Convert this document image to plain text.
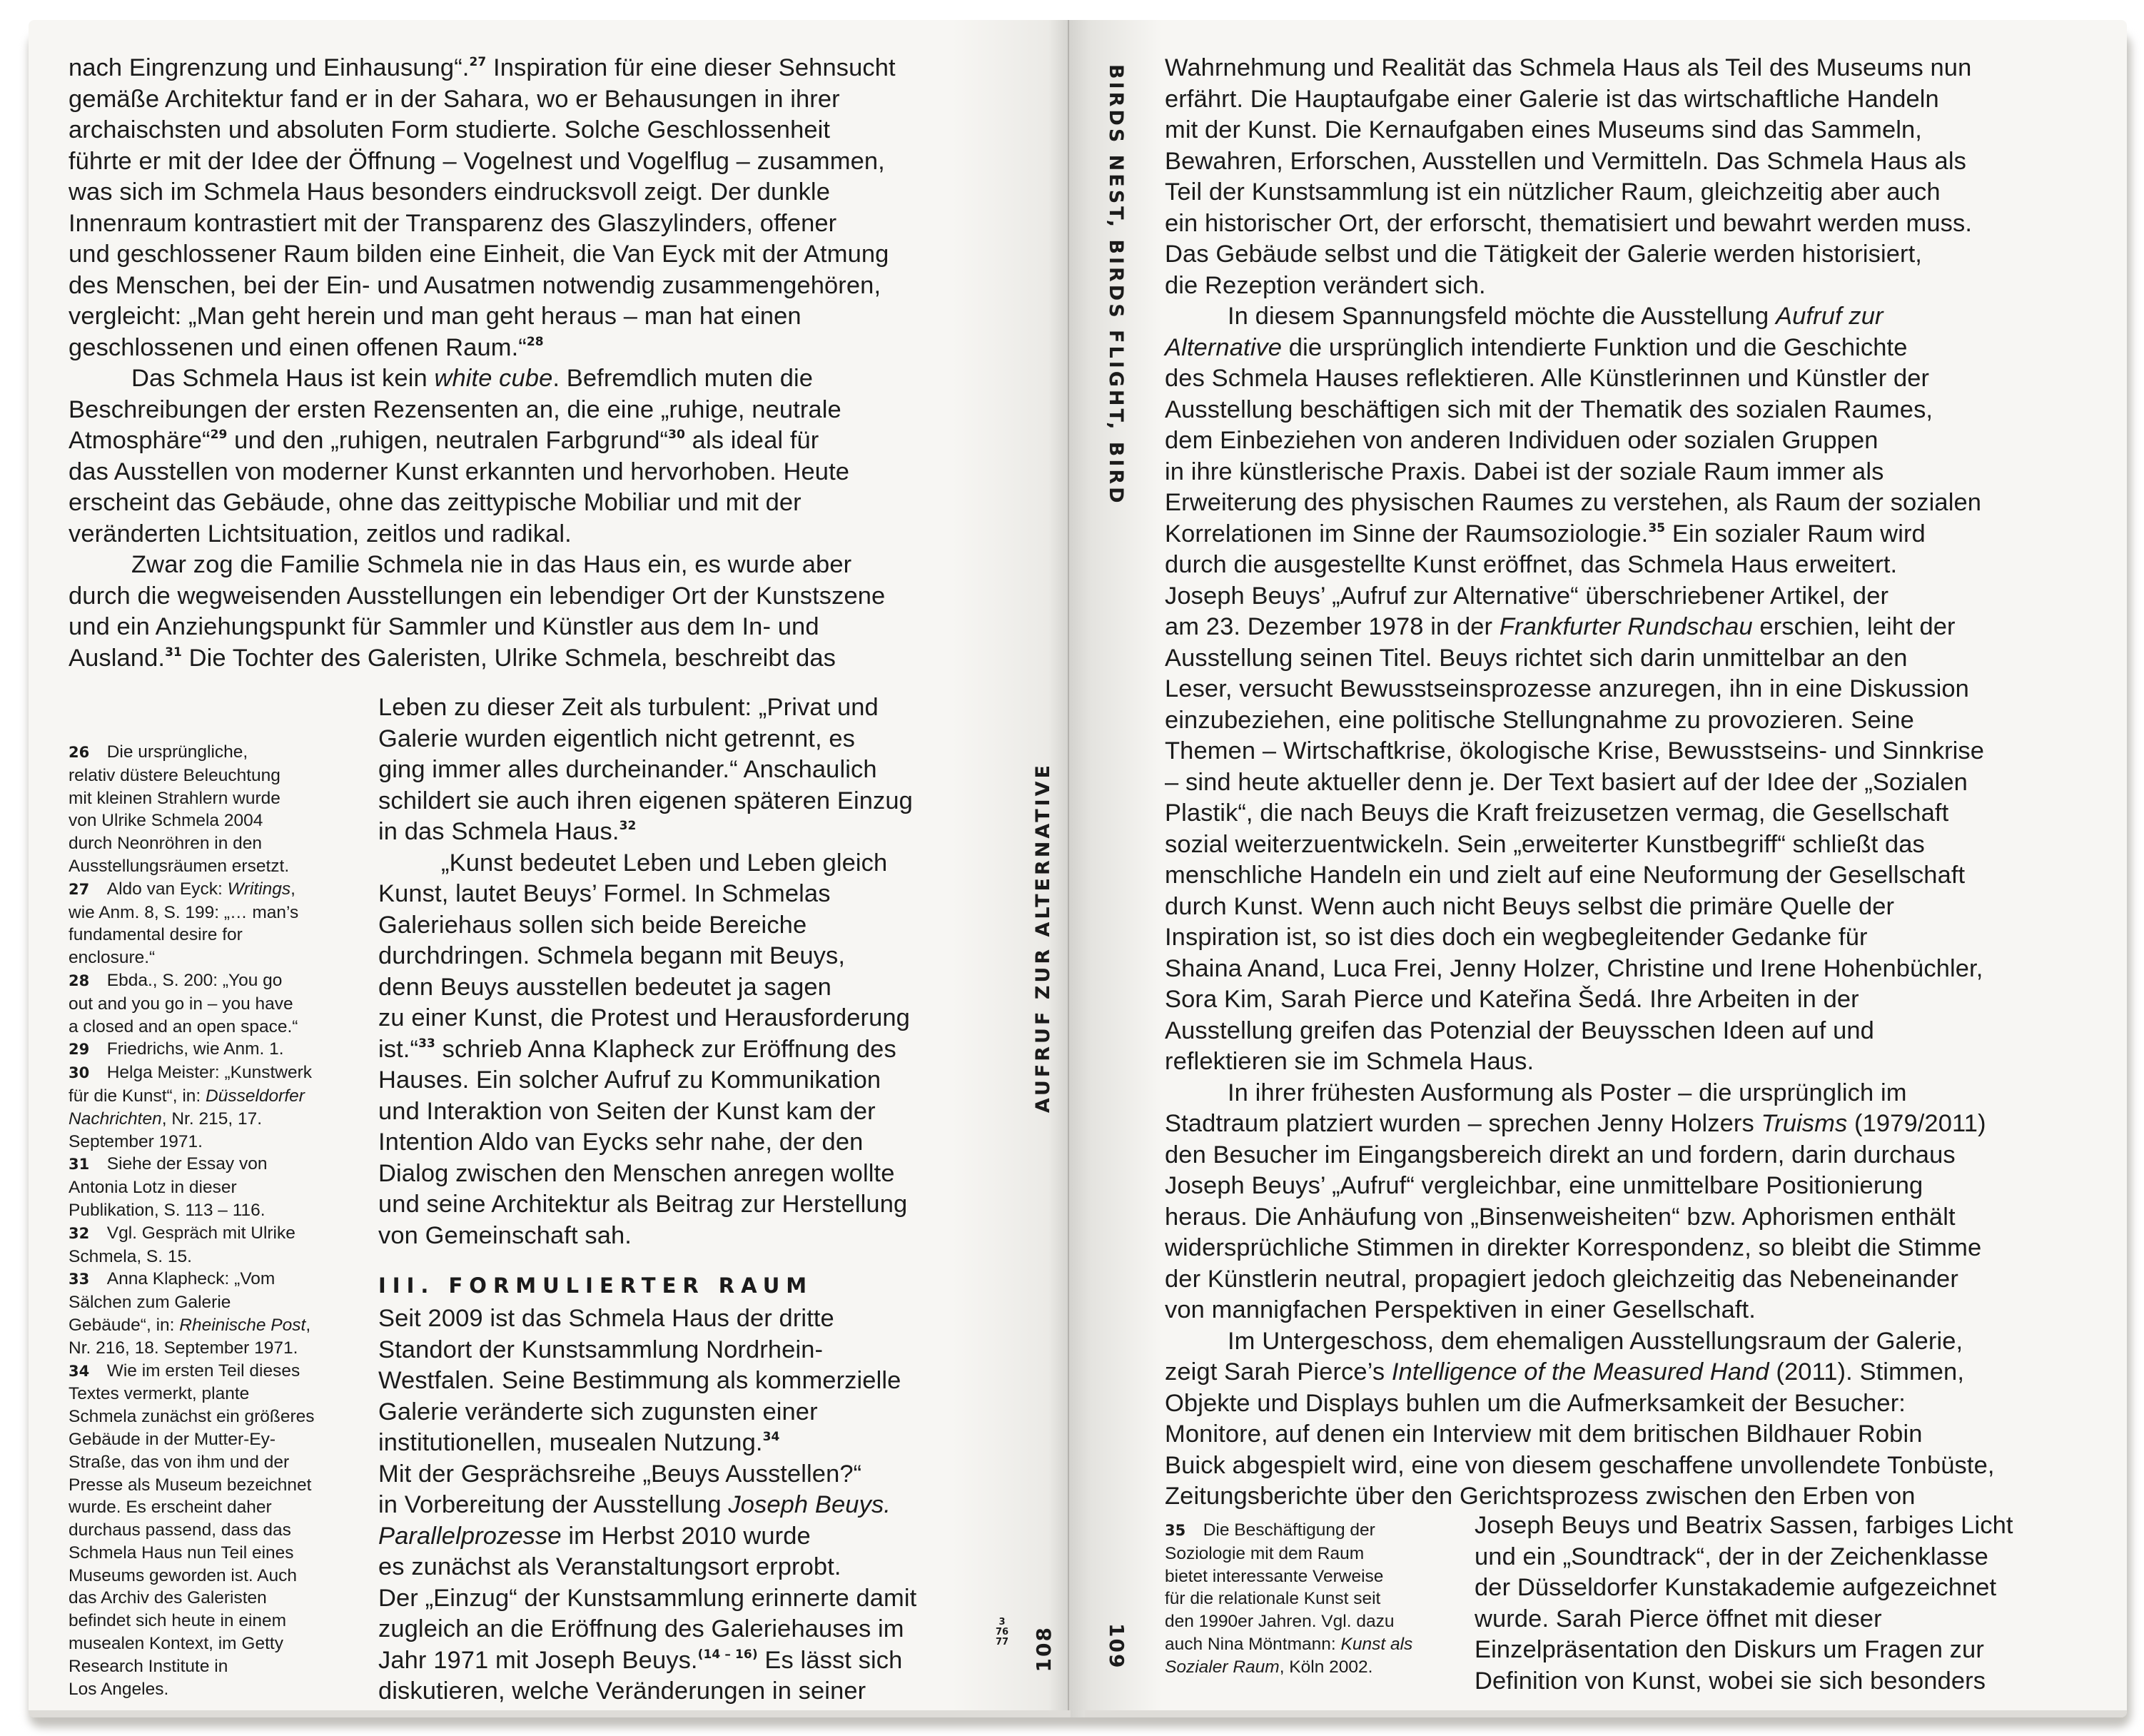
nach Eingrenzung und Einhausung“.$^{27}$ Inspiration für eine dieser Sehnsucht

gemäße Architektur fand er in der Sahara, wo er Behausungen in ihrer

archaischsten und absoluten Form studierte. Solche Geschlossenheit

führte er mit der Idee der Öffnung – Vogelnest und Vogelflug – zusammen,

was sich im Schmela Haus besonders eindrucksvoll zeigt. Der dunkle

Innenraum kontrastiert mit der Transparenz des Glaszylinders, offener

und geschlossener Raum bilden eine Einheit, die Van Eyck mit der Atmung

des Menschen, bei der Ein- und Ausatmen notwendig zusammengehören,

vergleicht: „Man geht herein und man geht heraus – man hat einen

geschlossenen und einen offenen Raum.“$^{28}$

Das Schmela Haus ist kein white cube. Befremdlich muten die

Beschreibungen der ersten Rezensenten an, die eine „ruhige, neutrale

Atmosphäre“$^{29}$ und den „ruhigen, neutralen Farbgrund“$^{30}$ als ideal für

das Ausstellen von moderner Kunst erkannten und hervorhoben. Heute

erscheint das Gebäude, ohne das zeittypische Mobiliar und mit der

veränderten Lichtsituation, zeitlos und radikal.

Zwar zog die Familie Schmela nie in das Haus ein, es wurde aber

durch die wegweisenden Ausstellungen ein lebendiger Ort der Kunstszene

und ein Anziehungspunkt für Sammler und Künstler aus dem In- und

Ausland.$^{31}$ Die Tochter des Galeristen, Ulrike Schmela, beschreibt das

Leben zu dieser Zeit als turbulent: „Privat und

Galerie wurden eigentlich nicht getrennt, es

ging immer alles durcheinander.“ Anschaulich

schildert sie auch ihren eigenen späteren Einzug

in das Schmela Haus.$^{32}$

„Kunst bedeutet Leben und Leben gleich

Kunst, lautet Beuys’ Formel. In Schmelas

Galeriehaus sollen sich beide Bereiche

durchdringen. Schmela begann mit Beuys,

denn Beuys ausstellen bedeutet ja sagen

zu einer Kunst, die Protest und Herausforderung

ist.“$^{33}$ schrieb Anna Klapheck zur Eröffnung des

Hauses. Ein solcher Aufruf zu Kommunikation

und Interaktion von Seiten der Kunst kam der

Intention Aldo van Eycks sehr nahe, der den

Dialog zwischen den Menschen anregen wollte

und seine Architektur als Beitrag zur Herstellung

von Gemeinschaft sah.

III. FORMULIERTER RAUM

Seit 2009 ist das Schmela Haus der dritte

Standort der Kunstsammlung Nordrhein-

Westfalen. Seine Bestimmung als kommerzielle

Galerie veränderte sich zugunsten einer

institutionellen, musealen Nutzung.$^{34}$

Mit der Gesprächsreihe „Beuys Ausstellen?“

in Vorbereitung der Ausstellung Joseph Beuys.

Parallelprozesse im Herbst 2010 wurde

es zunächst als Veranstaltungsort erprobt.

Der „Einzug“ der Kunstsammlung erinnerte damit

zugleich an die Eröffnung des Galeriehauses im

Jahr 1971 mit Joseph Beuys.$^{(14 - 16)}$ Es lässt sich

diskutieren, welche Veränderungen in seiner

26  Die ursprüngliche,

relativ düstere Beleuchtung

mit kleinen Strahlern wurde

von Ulrike Schmela 2004

durch Neonröhren in den

Ausstellungsräumen ersetzt.

27  Aldo van Eyck: Writings,

wie Anm. 8, S. 199: „… man’s

fundamental desire for

enclosure.“

28  Ebda., S. 200: „You go

out and you go in – you have

a closed and an open space.“

29  Friedrichs, wie Anm. 1.

30  Helga Meister: „Kunstwerk

für die Kunst“, in: Düsseldorfer

Nachrichten, Nr. 215, 17.

September 1971.

31  Siehe der Essay von

Antonia Lotz in dieser

Publikation, S. 113 – 116.

32  Vgl. Gespräch mit Ulrike

Schmela, S. 15.

33  Anna Klapheck: „Vom

Sälchen zum Galerie

Gebäude“, in: Rheinische Post,

Nr. 216, 18. September 1971.

34  Wie im ersten Teil dieses

Textes vermerkt, plante

Schmela zunächst ein größeres

Gebäude in der Mutter-Ey-

Straße, das von ihm und der

Presse als Museum bezeichnet

wurde. Es erscheint daher

durchaus passend, dass das

Schmela Haus nun Teil eines

Museums geworden ist. Auch

das Archiv des Galeristen

befindet sich heute in einem

musealen Kontext, im Getty

Research Institute in

Los Angeles.

AUFRUF ZUR ALTERNATIVE
108
3
76
77
BIRDS NEST, BIRDS FLIGHT, BIRD
109

Wahrnehmung und Realität das Schmela Haus als Teil des Museums nun

erfährt. Die Hauptaufgabe einer Galerie ist das wirtschaftliche Handeln

mit der Kunst. Die Kernaufgaben eines Museums sind das Sammeln,

Bewahren, Erforschen, Ausstellen und Vermitteln. Das Schmela Haus als

Teil der Kunstsammlung ist ein nützlicher Raum, gleichzeitig aber auch

ein historischer Ort, der erforscht, thematisiert und bewahrt werden muss.

Das Gebäude selbst und die Tätigkeit der Galerie werden historisiert,

die Rezeption verändert sich.

In diesem Spannungsfeld möchte die Ausstellung Aufruf zur

Alternative die ursprünglich intendierte Funktion und die Geschichte

des Schmela Hauses reflektieren. Alle Künstlerinnen und Künstler der

Ausstellung beschäftigen sich mit der Thematik des sozialen Raumes,

dem Einbeziehen von anderen Individuen oder sozialen Gruppen

in ihre künstlerische Praxis. Dabei ist der soziale Raum immer als

Erweiterung des physischen Raumes zu verstehen, als Raum der sozialen

Korrelationen im Sinne der Raumsoziologie.$^{35}$ Ein sozialer Raum wird

durch die ausgestellte Kunst eröffnet, das Schmela Haus erweitert.

Joseph Beuys’ „Aufruf zur Alternative“ überschriebener Artikel, der

am 23. Dezember 1978 in der Frankfurter Rundschau erschien, leiht der

Ausstellung seinen Titel. Beuys richtet sich darin unmittelbar an den

Leser, versucht Bewusstseinsprozesse anzuregen, ihn in eine Diskussion

einzubeziehen, eine politische Stellungnahme zu provozieren. Seine

Themen – Wirtschaftkrise, ökologische Krise, Bewusstseins- und Sinnkrise

– sind heute aktueller denn je. Der Text basiert auf der Idee der „Sozialen

Plastik“, die nach Beuys die Kraft freizusetzen vermag, die Gesellschaft

sozial weiterzuentwickeln. Sein „erweiterter Kunstbegriff“ schließt das

menschliche Handeln ein und zielt auf eine Neuformung der Gesellschaft

durch Kunst. Wenn auch nicht Beuys selbst die primäre Quelle der

Inspiration ist, so ist dies doch ein wegbegleitender Gedanke für

Shaina Anand, Luca Frei, Jenny Holzer, Christine und Irene Hohenbüchler,

Sora Kim, Sarah Pierce und Kateřina Šedá. Ihre Arbeiten in der

Ausstellung greifen das Potenzial der Beuysschen Ideen auf und

reflektieren sie im Schmela Haus.

In ihrer frühesten Ausformung als Poster – die ursprünglich im

Stadtraum platziert wurden – sprechen Jenny Holzers Truisms (1979/2011)

den Besucher im Eingangsbereich direkt an und fordern, darin durchaus

Joseph Beuys’ „Aufruf“ vergleichbar, eine unmittelbare Positionierung

heraus. Die Anhäufung von „Binsenweisheiten“ bzw. Aphorismen enthält

widersprüchliche Stimmen in direkter Korrespondenz, so bleibt die Stimme

der Künstlerin neutral, propagiert jedoch gleichzeitig das Nebeneinander

von mannigfachen Perspektiven in einer Gesellschaft.

Im Untergeschoss, dem ehemaligen Ausstellungsraum der Galerie,

zeigt Sarah Pierce’s Intelligence of the Measured Hand (2011). Stimmen,

Objekte und Displays buhlen um die Aufmerksamkeit der Besucher:

Monitore, auf denen ein Interview mit dem britischen Bildhauer Robin

Buick abgespielt wird, eine von diesem geschaffene unvollendete Tonbüste,

Zeitungsberichte über den Gerichtsprozess zwischen den Erben von

Joseph Beuys und Beatrix Sassen, farbiges Licht

und ein „Soundtrack“, der in der Zeichenklasse

der Düsseldorfer Kunstakademie aufgezeichnet

wurde. Sarah Pierce öffnet mit dieser

Einzelpräsentation den Diskurs um Fragen zur

Definition von Kunst, wobei sie sich besonders

35  Die Beschäftigung der

Soziologie mit dem Raum

bietet interessante Verweise

für die relationale Kunst seit

den 1990er Jahren. Vgl. dazu

auch Nina Möntmann: Kunst als

Sozialer Raum, Köln 2002.
